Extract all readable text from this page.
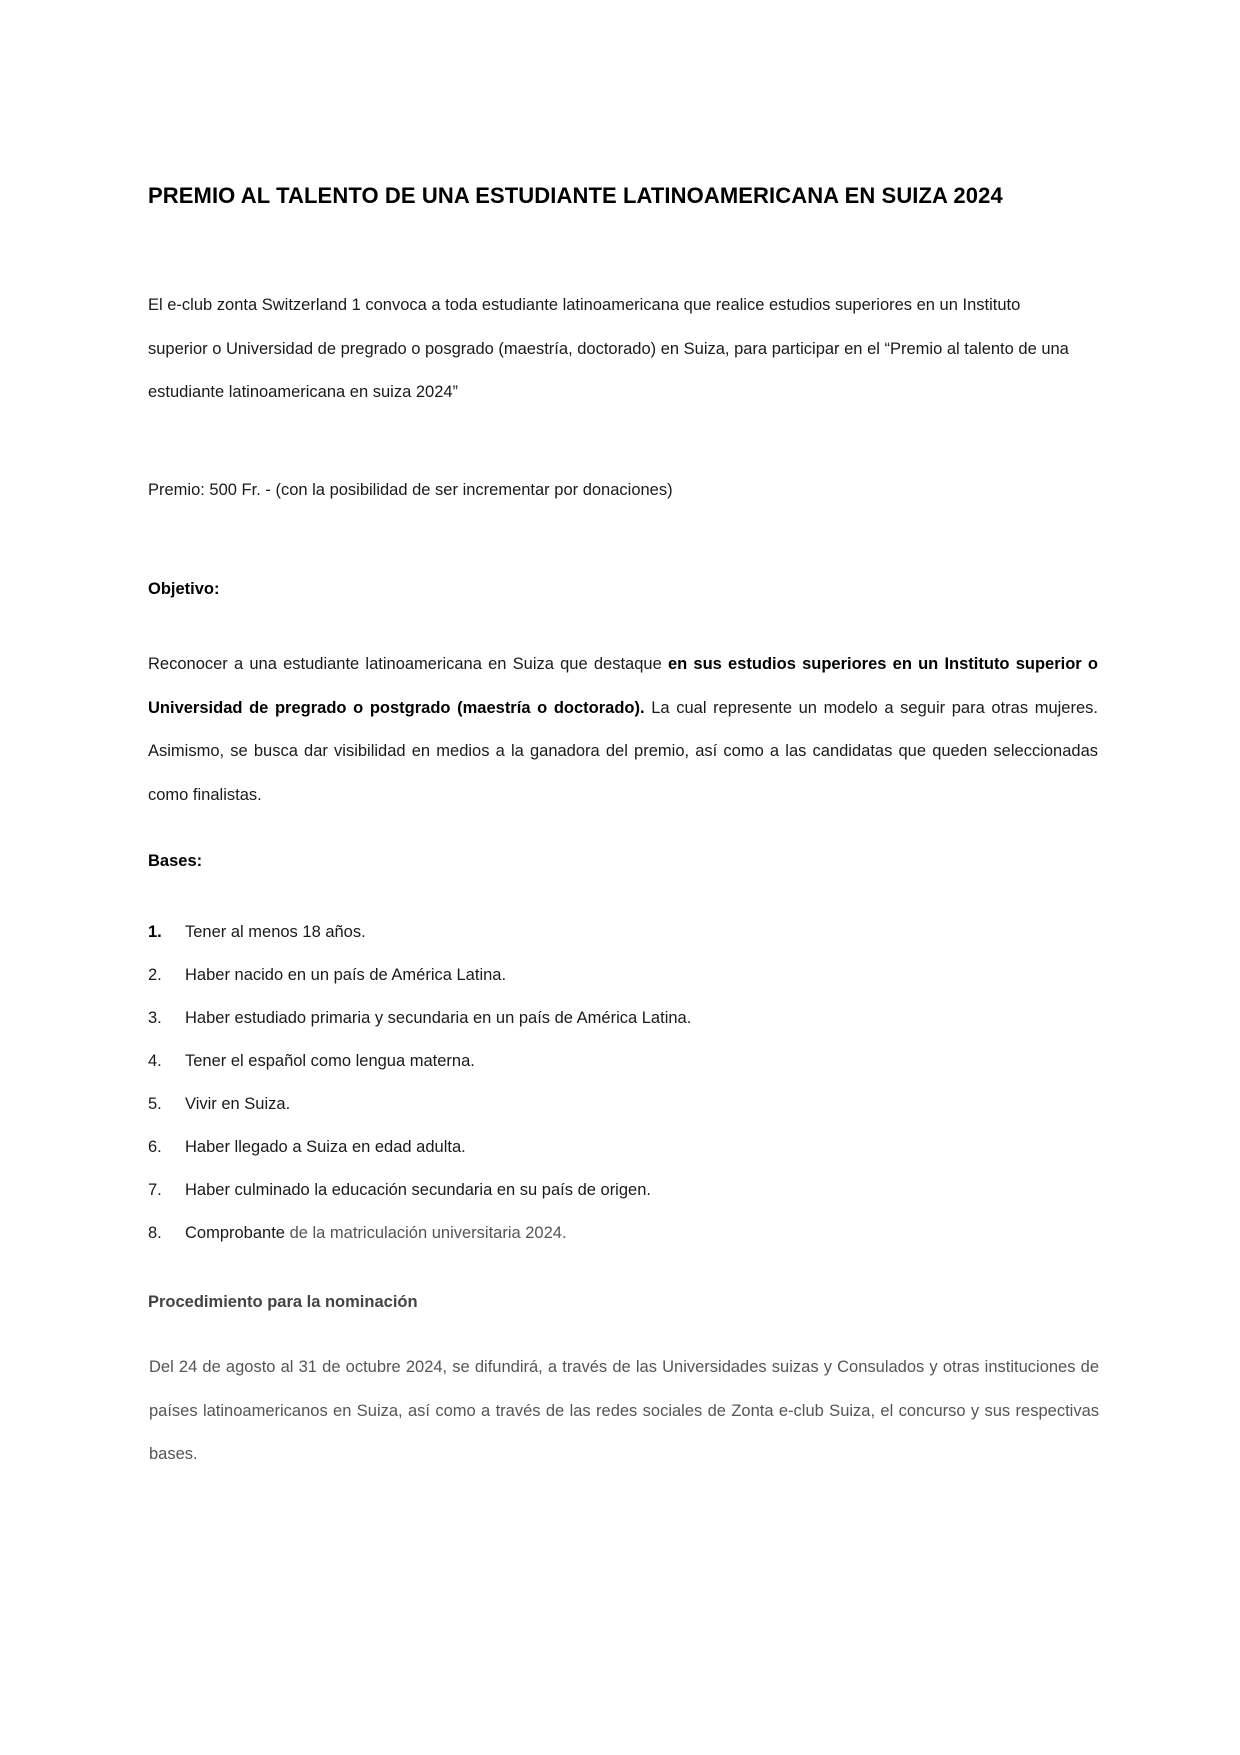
PREMIO AL TALENTO DE UNA ESTUDIANTE LATINOAMERICANA EN SUIZA 2024
El e-club zonta Switzerland 1 convoca a toda estudiante latinoamericana que realice estudios superiores en un Instituto
superior o Universidad de pregrado o posgrado (maestría, doctorado) en Suiza, para participar en el “Premio al talento de una
estudiante latinoamericana en suiza 2024”
Premio: 500 Fr. - (con la posibilidad de ser incrementar por donaciones)
Objetivo:
Reconocer a una estudiante latinoamericana en Suiza que destaque en sus estudios superiores en un Instituto superior o Universidad de pregrado o postgrado (maestría o doctorado). La cual represente un modelo a seguir para otras mujeres. Asimismo, se busca dar visibilidad en medios a la ganadora del premio, así como a las candidatas que queden seleccionadas como finalistas.
Bases:
1. Tener al menos 18 años.
2. Haber nacido en un país de América Latina.
3. Haber estudiado primaria y secundaria en un país de América Latina.
4. Tener el español como lengua materna.
5. Vivir en Suiza.
6. Haber llegado a Suiza en edad adulta.
7. Haber culminado la educación secundaria en su país de origen.
8. Comprobante de la matriculación universitaria 2024.
Procedimiento para la nominación
Del 24 de agosto al 31 de octubre 2024, se difundirá, a través de las Universidades suizas y Consulados y otras instituciones de países latinoamericanos en Suiza, así como a través de las redes sociales de Zonta e-club Suiza, el concurso y sus respectivas bases.
